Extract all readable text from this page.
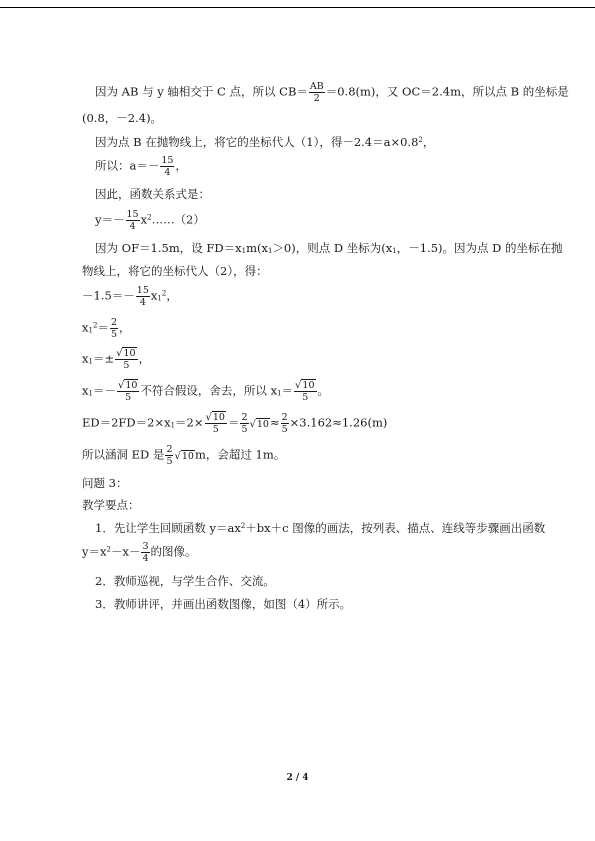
因为 AB 与 y 轴相交于 C 点，所以 $CB= \frac{AB}{2} =0.8(m)$，又 OC＝2.4m，所以点 B 的坐标是
(0.8，－2.4)。
因为点 B 在抛物线上，将它的坐标代人（1），得$-2.4=a\times 0.8^2$，
所以：$a=- \frac{15}{4}$ ，
因此，函数关系式是：
$y=- \frac{15}{4}$ $x^2\dots\dots(2)$
因为 OF＝1.5m，设 $FD=x_1m(x_1>0)$，则点 D 坐标为($x_1$，－1.5)。因为点 D 的坐标在抛
物线上，将它的坐标代人（2），得：
$-1.5=- \frac{15}{4} x_1^2$，
$x_1^2= \frac{2}{5}$ ，
$x_1=\pm \frac{√10}{5}$ ，
$x_1=- \frac{√10}{5}$ 不符合假设，舍去，所以 $x_1= \frac{√10}{5}$ 。
$ED=2FD=2\times x_1=2\times \frac{√10}{5} = \frac{2}{5} √10\approx \frac{2}{5} \times 3.162\approx 1.26(m)$
所以涵洞 ED 是 $\frac{2}{5} √10m$，会超过 1m。
问题 3：
教学要点：
1．先让学生回顾函数 $y=ax^2+bx+c$ 图像的画法，按列表、描点、连线等步骤画出函数
$y=x^2-x- \frac{3}{4}$ 的图像。
2．教师巡视，与学生合作、交流。
3．教师讲评，并画出函数图像，如图（4）所示。
2 / 4
